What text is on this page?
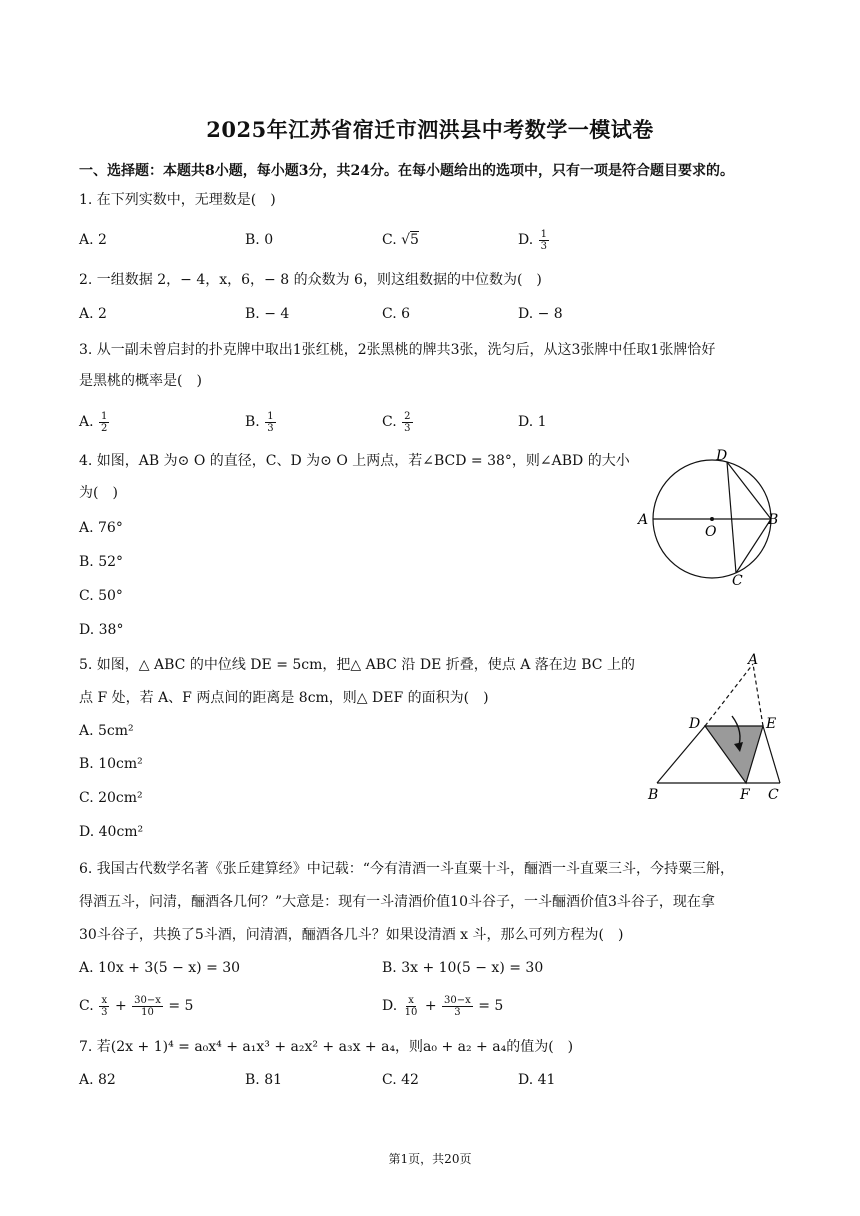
2025年江苏省宿迁市泗洪县中考数学一模试卷
一、选择题：本题共8小题，每小题3分，共24分。在每小题给出的选项中，只有一项是符合题目要求的。
1. 在下列实数中，无理数是(　)
A. 2	B. 0	C. √5	D. $\frac{1}{3}$
2. 一组数据 2，− 4，x，6，− 8 的众数为 6，则这组数据的中位数为(　)
A. 2	B. − 4	C. 6	D. − 8
3. 从一副未曾启封的扑克牌中取出1张红桃，2张黑桃的牌共3张，洗匀后，从这3张牌中任取1张牌恰好
是黑桃的概率是(　)
A. $\frac{1}{2}$	B. $\frac{1}{3}$	C. $\frac{2}{3}$	D. 1
4. 如图，AB 为⊙ O 的直径，C、D 为⊙ O 上两点，若∠BCD = 38°，则∠ABD 的大小
为(　)
A. 76°
B. 52°
C. 50°
D. 38°
A	B
C
D
O
5. 如图，△ ABC 的中位线 DE = 5cm，把△ ABC 沿 DE 折叠，使点 A 落在边 BC 上的
点 F 处，若 A、F 两点间的距离是 8cm，则△ DEF 的面积为(　)
A. 5cm²
B. 10cm²
C. 20cm²
D. 40cm²
A
B	C
D	E
F
6. 我国古代数学名著《张丘建算经》中记载：“今有清酒一斗直粟十斗，酾酒一斗直粟三斗，今持粟三斛，
得酒五斗，问清，酾酒各几何？”大意是：现有一斗清酒价值10斗谷子，一斗酾酒价值3斗谷子，现在拿
30斗谷子，共换了5斗酒，问清酒，酾酒各几斗？如果设清酒 x 斗，那么可列方程为(　)
A. 10x + 3(5 − x) = 30	B. 3x + 10(5 − x) = 30
C. $\frac{x}{3} + \frac{30-x}{10} = 5$	D. $\frac{x}{10} + \frac{30-x}{3} = 5$
7. 若(2x + 1)⁴ = a₀x⁴ + a₁x³ + a₂x² + a₃x + a₄，则a₀ + a₂ + a₄的值为(　)
A. 82	B. 81	C. 42	D. 41
第1页，共20页
